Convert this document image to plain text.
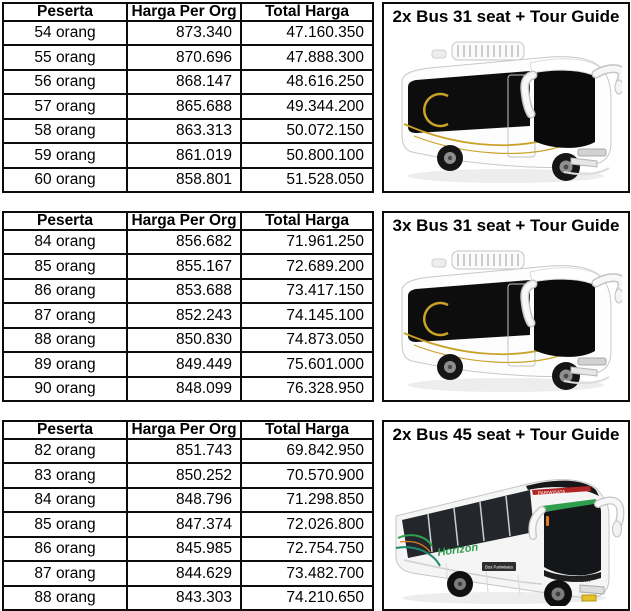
Peserta	Harga Per Org	Total Harga
54 orang	873.340	47.160.350
55 orang	870.696	47.888.300
56 orang	868.147	48.616.250
57 orang	865.688	49.344.200
58 orang	863.313	50.072.150
59 orang	861.019	50.800.100
60 orang	858.801	51.528.050
2x Bus 31 seat + Tour Guide
Peserta	Harga Per Org	Total Harga
84 orang	856.682	71.961.250
85 orang	855.167	72.689.200
86 orang	853.688	73.417.150
87 orang	852.243	74.145.100
88 orang	850.830	74.873.050
89 orang	849.449	75.601.000
90 orang	848.099	76.328.950
3x Bus 31 seat + Tour Guide
Peserta	Harga Per Org	Total Harga
82 orang	851.743	69.842.950
83 orang	850.252	70.570.900
84 orang	848.796	71.298.850
85 orang	847.374	72.026.800
86 orang	845.985	72.754.750
87 orang	844.629	73.482.700
88 orang	843.303	74.210.650
2x Bus 45 seat + Tour Guide
PARIWISATA
Horizon
Bus Pariwisata
Horizon
